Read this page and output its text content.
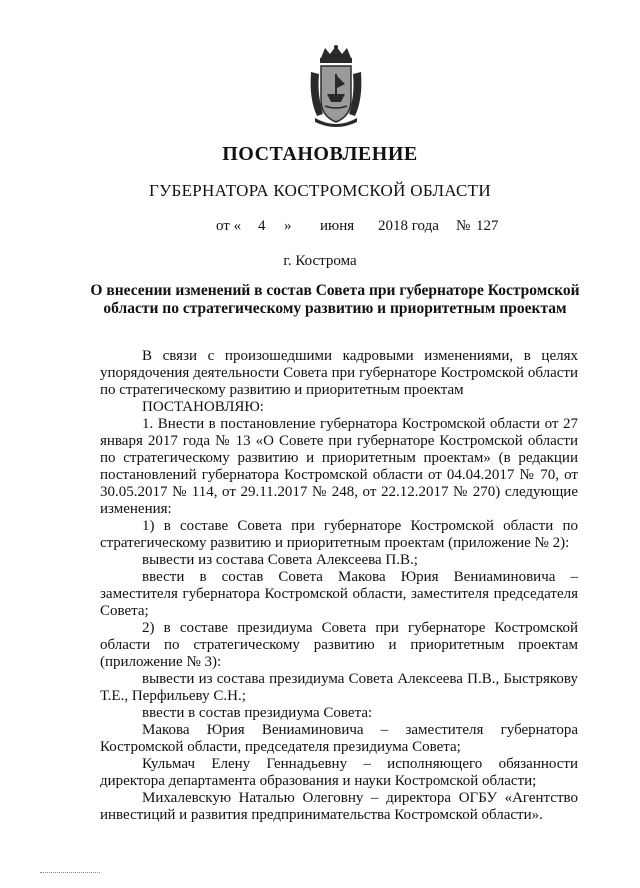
ПОСТАНОВЛЕНИЕ
ГУБЕРНАТОРА КОСТРОМСКОЙ ОБЛАСТИ
от « 4 » июня 2018 года № 127
г. Кострома
О внесении изменений в состав Совета при губернаторе Костромской области по стратегическому развитию и приоритетным проектам

В связи с произошедшими кадровыми изменениями, в целях упорядочения деятельности Совета при губернаторе Костромской области по стратегическому развитию и приоритетным проектам

ПОСТАНОВЛЯЮ:

1. Внести в постановление губернатора Костромской области от 27 января 2017 года № 13 «О Совете при губернаторе Костромской области по стратегическому развитию и приоритетным проектам» (в редакции постановлений губернатора Костромской области от 04.04.2017 № 70, от 30.05.2017 № 114, от 29.11.2017 № 248, от 22.12.2017 № 270) следующие изменения:

1) в составе Совета при губернаторе Костромской области по стратегическому развитию и приоритетным проектам (приложение № 2):

вывести из состава Совета Алексеева П.В.;

ввести в состав Совета Макова Юрия Вениаминовича – заместителя губернатора Костромской области, заместителя председателя Совета;

2) в составе президиума Совета при губернаторе Костромской области по стратегическому развитию и приоритетным проектам (приложение № 3):

вывести из состава президиума Совета Алексеева П.В., Быстрякову Т.Е., Перфильеву С.Н.;

ввести в состав президиума Совета:

Макова Юрия Вениаминовича – заместителя губернатора Костромской области, председателя президиума Совета;

Кульмач Елену Геннадьевну – исполняющего обязанности директора департамента образования и науки Костромской области;

Михалевскую Наталью Олеговну – директора ОГБУ «Агентство инвестиций и развития предпринимательства Костромской области».
